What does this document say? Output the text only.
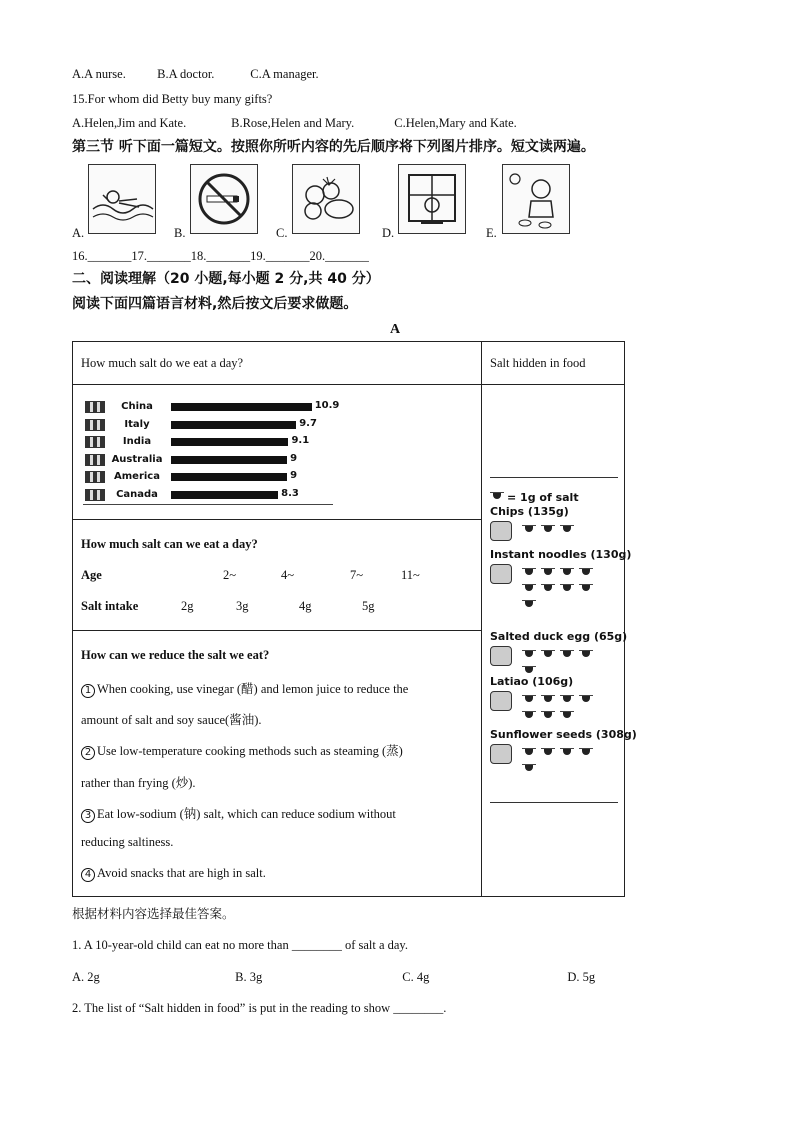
A.A nurse.	B.A doctor.	C.A manager.
15.For whom did Betty buy many gifts?
A.Helen,Jim and Kate.	B.Rose,Helen and Mary.	C.Helen,Mary and Kate.
第三节 听下面一篇短文。按照你所听内容的先后顺序将下列图片排序。短文读两遍。
A.	B.	C.	D.	E.
16._______17._______18._______19._______20._______
二、阅读理解（20 小题,每小题 2 分,共 40 分）
阅读下面四篇语言材料,然后按文后要求做题。
A
How much salt do we eat a day?	Salt hidden in food
China	10.9
Italy	9.7
India	9.1
Australia	9
America	9
Canada	8.3
How much salt can we eat a day?
Age	2~	4~	7~	11~
Salt intake	2g	3g	4g	5g
How can we reduce the salt we eat?
1 When cooking, use vinegar (醋) and lemon juice to reduce the
amount of salt and soy sauce(酱油).
2 Use low-temperature cooking methods such as steaming (蒸)
rather than frying (炒).
3 Eat low-sodium (钠) salt, which can reduce sodium without
reducing saltiness.
4 Avoid snacks that are high in salt.
= 1g of salt
Chips (135g)
Instant noodles (130g)
Salted duck egg (65g)
Latiao (106g)
Sunflower seeds (308g)
根据材料内容选择最佳答案。
1. A 10-year-old child can eat no more than ________ of salt a day.
A. 2g	B. 3g	C. 4g	D. 5g
2. The list of “Salt hidden in food” is put in the reading to show ________.
